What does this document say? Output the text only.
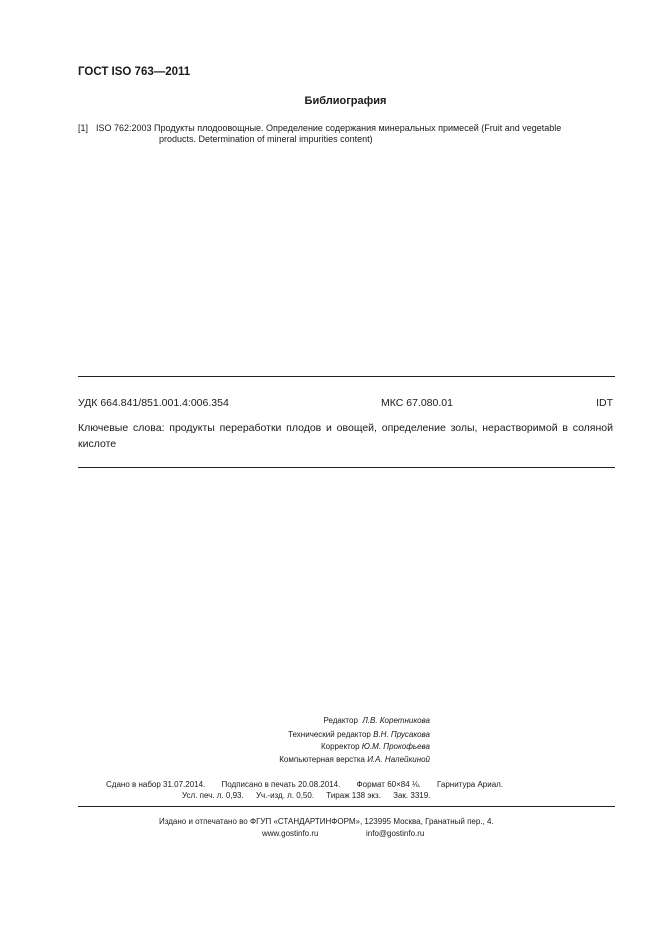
ГОСТ ISO 763—2011
Библиография
[1] ISO 762:2003 Продукты плодоовощные. Определение содержания минеральных примесей (Fruit and vegetable
products. Determination of mineral impurities content)
УДК 664.841/851.001.4:006.354	МКС 67.080.01	IDT
Ключевые слова: продукты переработки плодов и овощей, определение золы, нерастворимой в соляной кислоте
Редактор Л.В. Коретникова
Технический редактор В.Н. Прусакова
Корректор Ю.М. Прокофьева
Компьютерная верстка И.А. Налейкиной
Сдано в набор 31.07.2014. Подписано в печать 20.08.2014. Формат 60×84 ⅛. Гарнитура Ариал.
Усл. печ. л. 0,93. Уч.-изд. л. 0,50. Тираж 138 экз. Зак. 3319.
Издано и отпечатано во ФГУП «СТАНДАРТИНФОРМ», 123995 Москва, Гранатный пер., 4.
www.gostinfo.ru	info@gostinfo.ru
